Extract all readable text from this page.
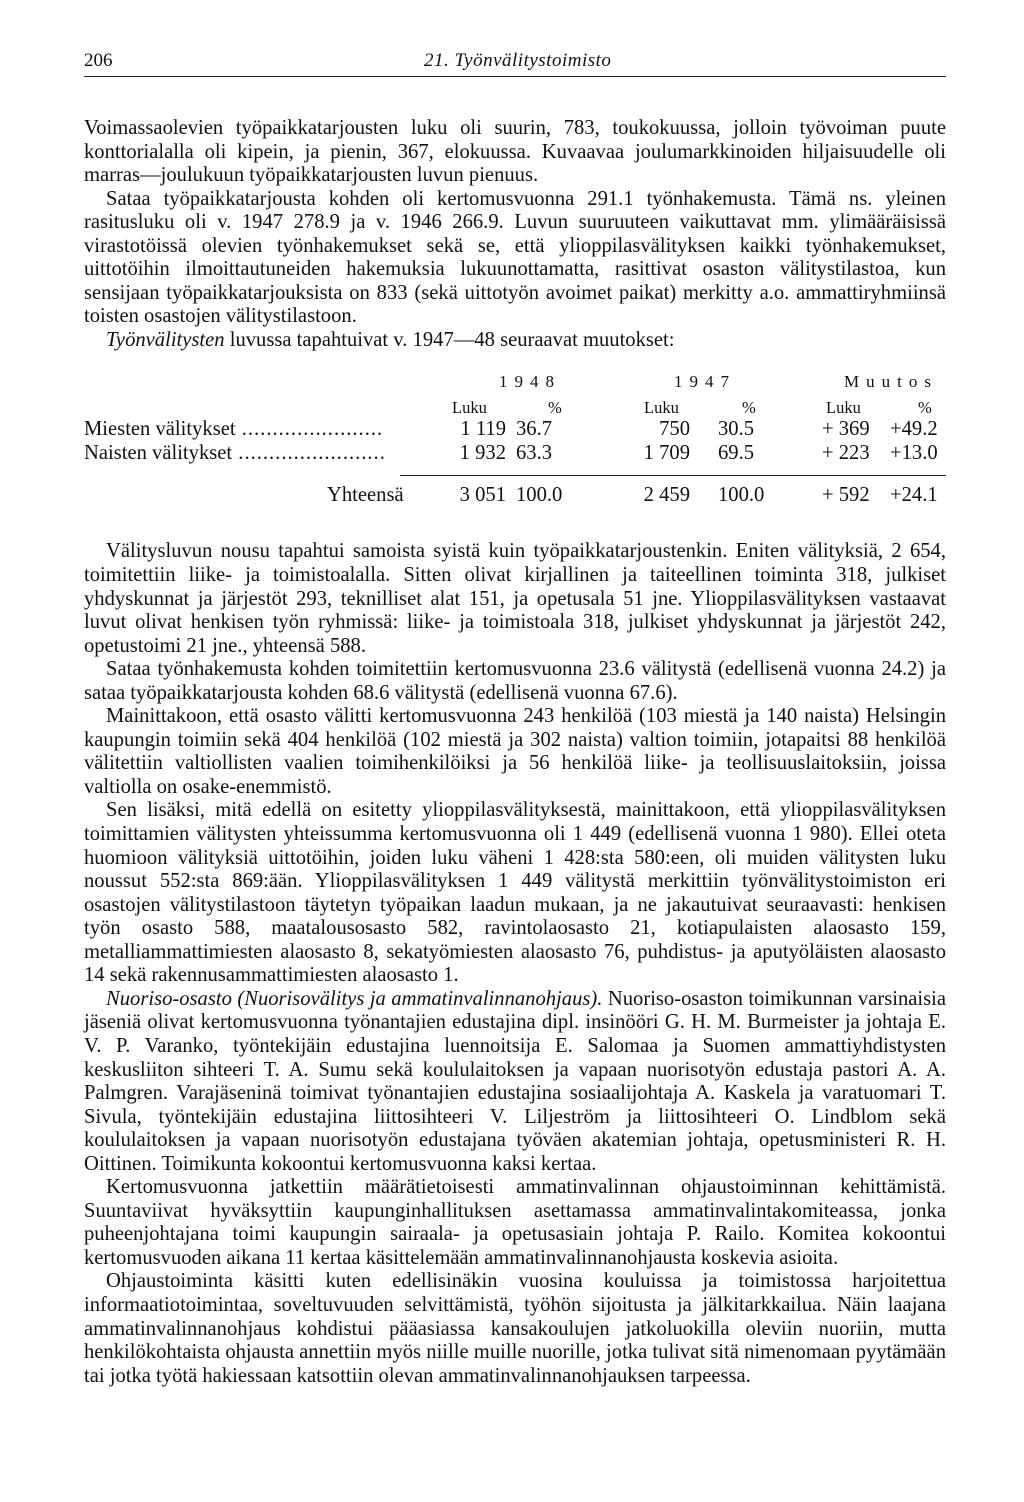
206	21. Työnvälitystoimisto

Voimassaolevien työpaikkatarjousten luku oli suurin, 783, toukokuussa, jolloin työvoiman puute konttorialalla oli kipein, ja pienin, 367, elokuussa. Kuvaavaa joulumarkkinoiden hiljaisuudelle oli marras—joulukuun työpaikkatarjousten luvun pienuus.

Sataa työpaikkatarjousta kohden oli kertomusvuonna 291.1 työnhakemusta. Tämä ns. yleinen rasitusluku oli v. 1947 278.9 ja v. 1946 266.9. Luvun suuruuteen vaikuttavat mm. ylimääräisissä virastotöissä olevien työnhakemukset sekä se, että ylioppilasvälityksen kaikki työnhakemukset, uittotöihin ilmoittautuneiden hakemuksia lukuunottamatta, rasittivat osaston välitystilastoa, kun sensijaan työpaikkatarjouksista on 833 (sekä uittotyön avoimet paikat) merkitty a.o. ammattiryhmiinsä toisten osastojen välitystilastoon.

Työnvälitysten luvussa tapahtuivat v. 1947—48 seuraavat muutokset:

1948	1947	Muutos
Luku	%	Luku	%	Luku	%
Miesten välitykset .....	1 119 36.7	750 30.5	+ 369 +49.2
Naisten välitykset .....	1 932 63.3	1 709 69.5	+ 223 +13.0
Yhteensä	3 051 100.0	2 459 100.0	+ 592 +24.1

Välitysluvun nousu tapahtui samoista syistä kuin työpaikkatarjoustenkin. Eniten välityksiä, 2 654, toimitettiin liike- ja toimistoalalla. Sitten olivat kirjallinen ja taiteellinen toiminta 318, julkiset yhdyskunnat ja järjestöt 293, teknilliset alat 151, ja opetusala 51 jne. Ylioppilasvälityksen vastaavat luvut olivat henkisen työn ryhmissä: liike- ja toimistoala 318, julkiset yhdyskunnat ja järjestöt 242, opetustoimi 21 jne., yhteensä 588.

Sataa työnhakemusta kohden toimitettiin kertomusvuonna 23.6 välitystä (edellisenä vuonna 24.2) ja sataa työpaikkatarjousta kohden 68.6 välitystä (edellisenä vuonna 67.6).

Mainittakoon, että osasto välitti kertomusvuonna 243 henkilöä (103 miestä ja 140 naista) Helsingin kaupungin toimiin sekä 404 henkilöä (102 miestä ja 302 naista) valtion toimiin, jotapaitsi 88 henkilöä välitettiin valtiollisten vaalien toimihenkilöiksi ja 56 henkilöä liike- ja teollisuuslaitoksiin, joissa valtiolla on osake-enemmistö.

Sen lisäksi, mitä edellä on esitetty ylioppilasvälityksestä, mainittakoon, että ylioppilasvälityksen toimittamien välitysten yhteissumma kertomusvuonna oli 1 449 (edellisenä vuonna 1 980). Ellei oteta huomioon välityksiä uittotöihin, joiden luku väheni 1 428:sta 580:een, oli muiden välitysten luku noussut 552:sta 869:ään. Ylioppilasvälityksen 1 449 välitystä merkittiin työnvälitystoimiston eri osastojen välitystilastoon täytetyn työpaikan laadun mukaan, ja ne jakautuivat seuraavasti: henkisen työn osasto 588, maatalousosasto 582, ravintolaosasto 21, kotiapulaisten alaosasto 159, metalliammattimiesten alaosasto 8, sekatyömiesten alaosasto 76, puhdistus- ja aputyöläisten alaosasto 14 sekä rakennusammattimiesten alaosasto 1.

Nuoriso-osasto (Nuorisovälitys ja ammatinvalinnanohjaus). Nuoriso-osaston toimikunnan varsinaisia jäseniä olivat kertomusvuonna työnantajien edustajina dipl. insinööri G. H. M. Burmeister ja johtaja E. V. P. Varanko, työntekijäin edustajina luennoitsija E. Salomaa ja Suomen ammattiyhdistysten keskusliiton sihteeri T. A. Sumu sekä koululaitoksen ja vapaan nuorisotyön edustaja pastori A. A. Palmgren. Varajäseninä toimivat työnantajien edustajina sosiaalijohtaja A. Kaskela ja varatuomari T. Sivula, työntekijäin edustajina liittosihteeri V. Liljeström ja liittosihteeri O. Lindblom sekä koululaitoksen ja vapaan nuorisotyön edustajana työväen akatemian johtaja, opetusministeri R. H. Oittinen. Toimikunta kokoontui kertomusvuonna kaksi kertaa.

Kertomusvuonna jatkettiin määrätietoisesti ammatinvalinnan ohjaustoiminnan kehittämistä. Suuntaviivat hyväksyttiin kaupunginhallituksen asettamassa ammatinvalintakomiteassa, jonka puheenjohtajana toimi kaupungin sairaala- ja opetusasiain johtaja P. Railo. Komitea kokoontui kertomusvuoden aikana 11 kertaa käsittelemään ammatinvalinnanohjausta koskevia asioita.

Ohjaustoiminta käsitti kuten edellisinäkin vuosina kouluissa ja toimistossa harjoitettua informaatiotoimintaa, soveltuvuuden selvittämistä, työhön sijoitusta ja jälkitarkkailua. Näin laajana ammatinvalinnanohjaus kohdistui pääasiassa kansakoulujen jatkoluokilla oleviin nuoriin, mutta henkilökohtaista ohjausta annettiin myös niille muille nuorille, jotka tulivat sitä nimenomaan pyytämään tai jotka työtä hakiessaan katsottiin olevan ammatinvalinnanohjauksen tarpeessa.
